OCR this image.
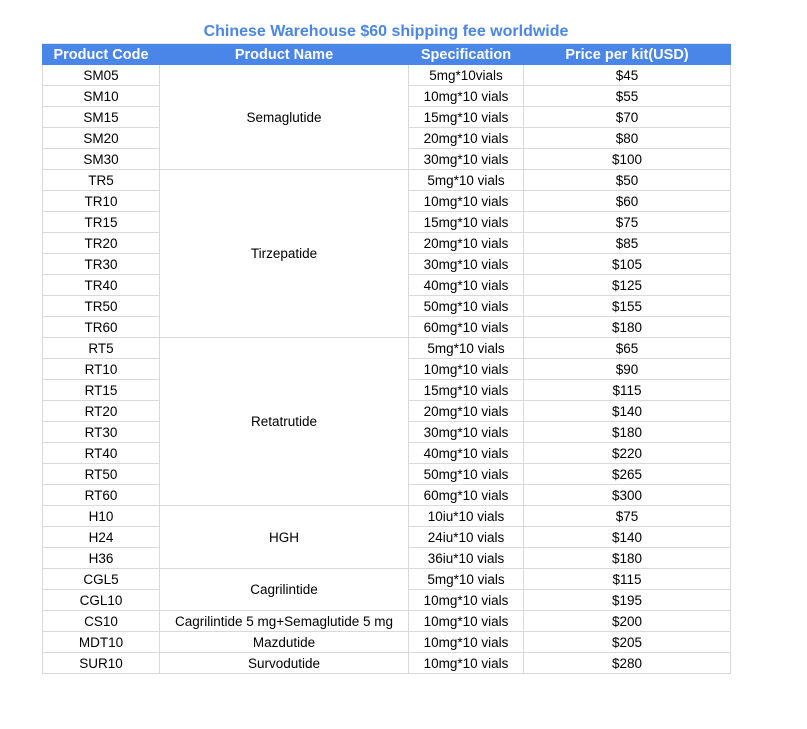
Chinese Warehouse $60 shipping fee worldwide
Product Code	Product Name	Specification	Price per kit(USD)
SM05	Semaglutide	5mg*10vials	$45
SM10		10mg*10 vials	$55
SM15		15mg*10 vials	$70
SM20		20mg*10 vials	$80
SM30		30mg*10 vials	$100
TR5	Tirzepatide	5mg*10 vials	$50
TR10		10mg*10 vials	$60
TR15		15mg*10 vials	$75
TR20		20mg*10 vials	$85
TR30		30mg*10 vials	$105
TR40		40mg*10 vials	$125
TR50		50mg*10 vials	$155
TR60		60mg*10 vials	$180
RT5	Retatrutide	5mg*10 vials	$65
RT10		10mg*10 vials	$90
RT15		15mg*10 vials	$115
RT20		20mg*10 vials	$140
RT30		30mg*10 vials	$180
RT40		40mg*10 vials	$220
RT50		50mg*10 vials	$265
RT60		60mg*10 vials	$300
H10	HGH	10iu*10 vials	$75
H24		24iu*10 vials	$140
H36		36iu*10 vials	$180
CGL5	Cagrilintide	5mg*10 vials	$115
CGL10		10mg*10 vials	$195
CS10	Cagrilintide 5 mg+Semaglutide 5 mg	10mg*10 vials	$200
MDT10	Mazdutide	10mg*10 vials	$205
SUR10	Survodutide	10mg*10 vials	$280
